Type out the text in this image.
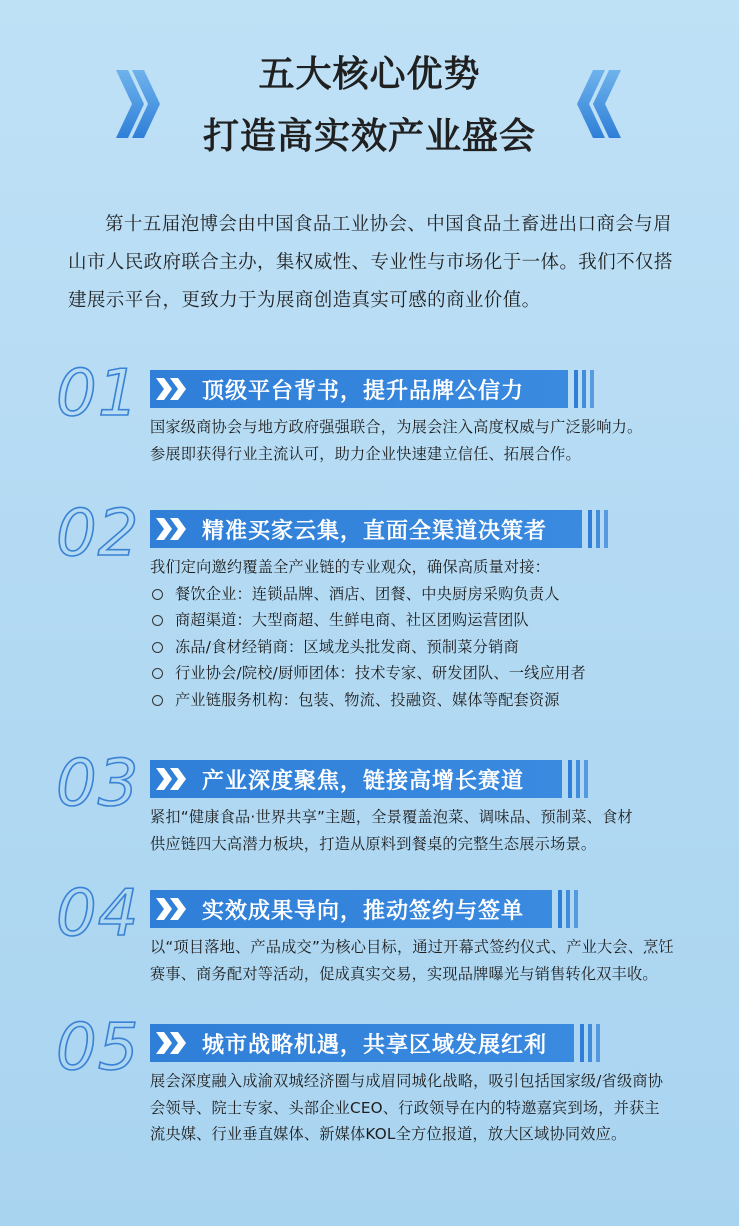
五大核心优势
打造高实效产业盛会
第十五届泡博会由中国食品工业协会、中国食品土畜进出口商会与眉山市人民政府联合主办，集权威性、专业性与市场化于一体。我们不仅搭建展示平台，更致力于为展商创造真实可感的商业价值。
01	顶级平台背书，提升品牌公信力

国家级商协会与地方政府强强联合，为展会注入高度权威与广泛影响力。

参展即获得行业主流认可，助力企业快速建立信任、拓展合作。

02	精准买家云集，直面全渠道决策者

我们定向邀约覆盖全产业链的专业观众，确保高质量对接：

餐饮企业：连锁品牌、酒店、团餐、中央厨房采购负责人
商超渠道：大型商超、生鲜电商、社区团购运营团队
冻品/食材经销商：区域龙头批发商、预制菜分销商
行业协会/院校/厨师团体：技术专家、研发团队、一线应用者
产业链服务机构：包装、物流、投融资、媒体等配套资源
03	产业深度聚焦，链接高增长赛道

紧扣“健康食品·世界共享”主题，全景覆盖泡菜、调味品、预制菜、食材

供应链四大高潜力板块，打造从原料到餐桌的完整生态展示场景。

04	实效成果导向，推动签约与签单

以“项目落地、产品成交”为核心目标，通过开幕式签约仪式、产业大会、烹饪

赛事、商务配对等活动，促成真实交易，实现品牌曝光与销售转化双丰收。

05	城市战略机遇，共享区域发展红利

展会深度融入成渝双城经济圈与成眉同城化战略，吸引包括国家级/省级商协

会领导、院士专家、头部企业CEO、行政领导在内的特邀嘉宾到场，并获主

流央媒、行业垂直媒体、新媒体KOL全方位报道，放大区域协同效应。
